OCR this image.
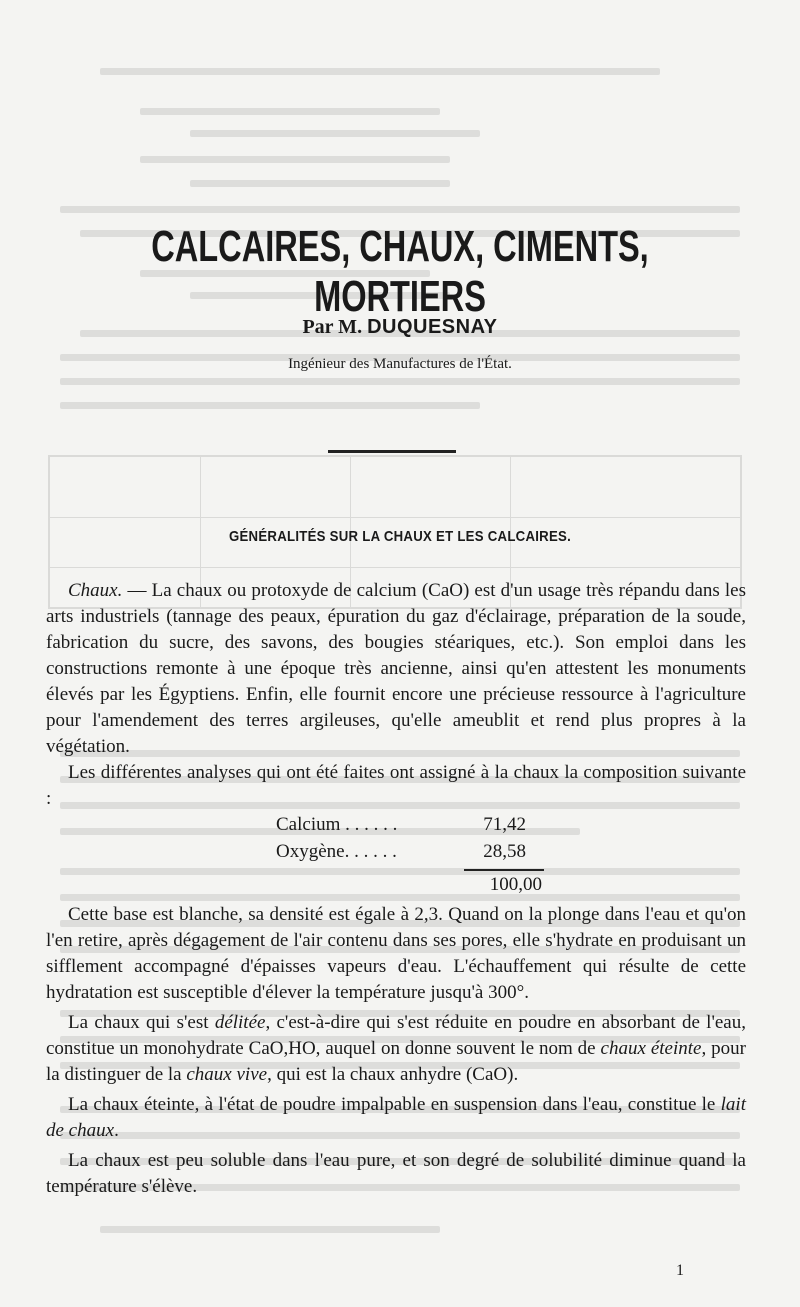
CALCAIRES, CHAUX, CIMENTS, MORTIERS
Par M. DUQUESNAY
Ingénieur des Manufactures de l'État.
GÉNÉRALITÉS SUR LA CHAUX ET LES CALCAIRES.

Chaux. — La chaux ou protoxyde de calcium (CaO) est d'un usage très répandu dans les arts industriels (tannage des peaux, épuration du gaz d'éclairage, préparation de la soude, fabrication du sucre, des savons, des bougies stéariques, etc.). Son emploi dans les constructions remonte à une époque très ancienne, ainsi qu'en attestent les monuments élevés par les Égyptiens. Enfin, elle fournit encore une précieuse ressource à l'agriculture pour l'amendement des terres argileuses, qu'elle ameublit et rend plus propres à la végétation.

Les différentes analyses qui ont été faites ont assigné à la chaux la composition suivante :

Calcium . . . . . .	71,42
Oxygène. . . . . .	28,58
100,00

Cette base est blanche, sa densité est égale à 2,3. Quand on la plonge dans l'eau et qu'on l'en retire, après dégagement de l'air contenu dans ses pores, elle s'hydrate en produisant un sifflement accompagné d'épaisses vapeurs d'eau. L'échauffement qui résulte de cette hydratation est susceptible d'élever la température jusqu'à 300°.

La chaux qui s'est délitée, c'est-à-dire qui s'est réduite en poudre en absorbant de l'eau, constitue un monohydrate CaO,HO, auquel on donne souvent le nom de chaux éteinte, pour la distinguer de la chaux vive, qui est la chaux anhydre (CaO).

La chaux éteinte, à l'état de poudre impalpable en suspension dans l'eau, constitue le lait de chaux.

La chaux est peu soluble dans l'eau pure, et son degré de solubilité diminue quand la température s'élève.

1
